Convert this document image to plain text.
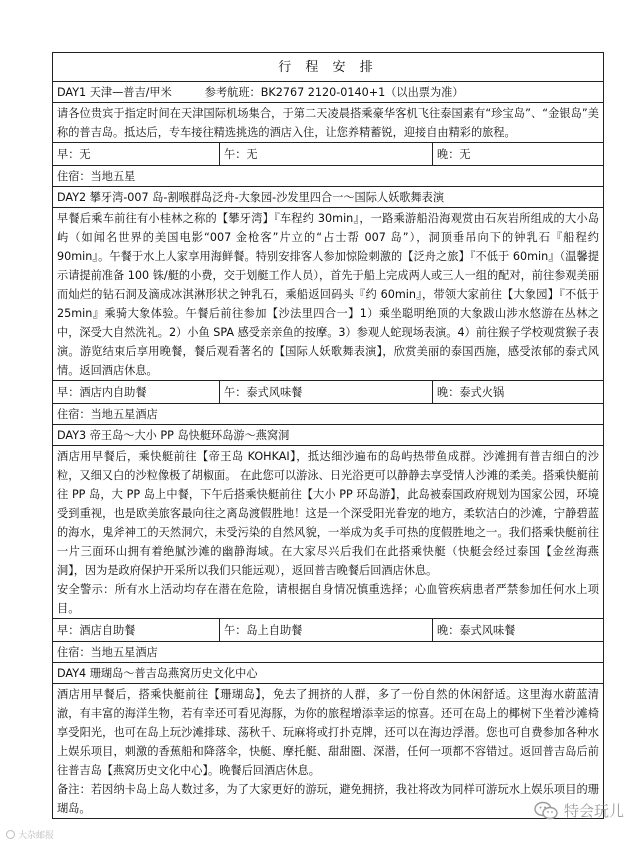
行 程 安 排
DAY1 天津—普吉/甲米	参考航班：BK2767 2120-0140+1（以出票为准）

请各位贵宾于指定时间在天津国际机场集合，于第二天凌晨搭乘豪华客机飞往泰国素有“珍宝岛”、“金银岛”美称的普吉岛。抵达后，专车接往精选挑选的酒店入住，让您养精蓄锐，迎接自由精彩的旅程。

早：无	午：无	晚：无
住宿：当地五星
DAY2 攀牙湾-007 岛-割喉群岛泛舟-大象园-沙发里四合一～国际人妖歌舞表演

早餐后乘车前往有小桂林之称的【攀牙湾】『车程约 30min』，一路乘游船沿海观赏由石灰岩所组成的大小岛屿（如闻名世界的美国电影“007 金枪客”片立的“占士帮 007 岛”），洞顶垂吊向下的钟乳石『船程约 90min』。午餐于水上人家享用海鲜餐。特别安排客人参加惊险刺激的【泛舟之旅】『不低于 60min』（温馨提示请提前准备 100 铢/艇的小费，交于划艇工作人员），首先于船上完成两人或三人一组的配对，前往参观美丽而灿烂的钻石洞及滴成冰淇淋形状之钟乳石，乘船返回码头『约 60min』，带领大家前往【大象园】『不低于 25min』乘骑大象体验。午餐后前往参加【沙法里四合一】1）乘坐聪明绝顶的大象跋山涉水悠游在丛林之中，深受大自然洗礼。2）小鱼 SPA 感受亲亲鱼的按摩。3）参观人蛇现场表演。4）前往猴子学校观赏猴子表演。游览结束后享用晚餐，餐后观看著名的【国际人妖歌舞表演】，欣赏美丽的泰国西施，感受浓郁的泰式风情。返回酒店休息。

早：酒店内自助餐	午：泰式风味餐	晚：泰式火锅
住宿：当地五星酒店
DAY3 帝王岛～大小 PP 岛快艇环岛游～燕窝洞

酒店用早餐后，乘快艇前往【帝王岛 KOHKAI】，抵达细沙遍布的岛屿热带鱼成群。沙滩拥有普吉细白的沙粒，又细又白的沙粒像极了胡椒面。 在此您可以游泳、日光浴更可以静静去享受情人沙滩的柔美。搭乘快艇前往 PP 岛，大 PP 岛上中餐，下午后搭乘快艇前往【大小 PP 环岛游】，此岛被泰国政府规划为国家公园，环境受到重视，也是欧美旅客最向往之离岛渡假胜地！这是一个深受阳光眷宠的地方，柔软洁白的沙滩，宁静碧蓝的海水，鬼斧神工的天然洞穴，未受污染的自然风貌，一举成为炙手可热的度假胜地之一。我们搭乘快艇前往一片三面环山拥有着绝腻沙滩的幽静海域。在大家尽兴后我们在此搭乘快艇（快艇会经过泰国【金丝海燕洞】，因为是政府保护开采所以我们只能远观），返回普吉晚餐后回酒店休息。

安全警示：所有水上活动均存在潜在危险，请根据自身情况慎重选择；心血管疾病患者严禁参加任何水上项目。

早：酒店自助餐	午：岛上自助餐	晚：泰式风味餐
住宿：当地五星酒店
DAY4 珊瑚岛～普吉岛燕窝历史文化中心

酒店用早餐后，搭乘快艇前往【珊瑚岛】，免去了拥挤的人群，多了一份自然的休闲舒适。这里海水蔚蓝清澈，有丰富的海洋生物，若有幸还可看见海豚，为你的旅程增添幸运的惊喜。还可在岛上的椰树下坐着沙滩椅享受阳光，也可在岛上玩沙滩排球、荡秋千、玩麻将或打扑克牌，还可以在海边浮潜。您也可自费参加各种水上娱乐项目，刺激的香蕉船和降落伞，快艇、摩托艇、甜甜圈、深潜，任何一项都不容错过。返回普吉岛后前往普吉岛【燕窝历史文化中心】。晚餐后回酒店休息。

备注：若因纳卡岛上岛人数过多，为了大家更好的游玩，避免拥挤，我社将改为同样可游玩水上娱乐项目的珊瑚岛。

大杂邮报
特会玩儿
